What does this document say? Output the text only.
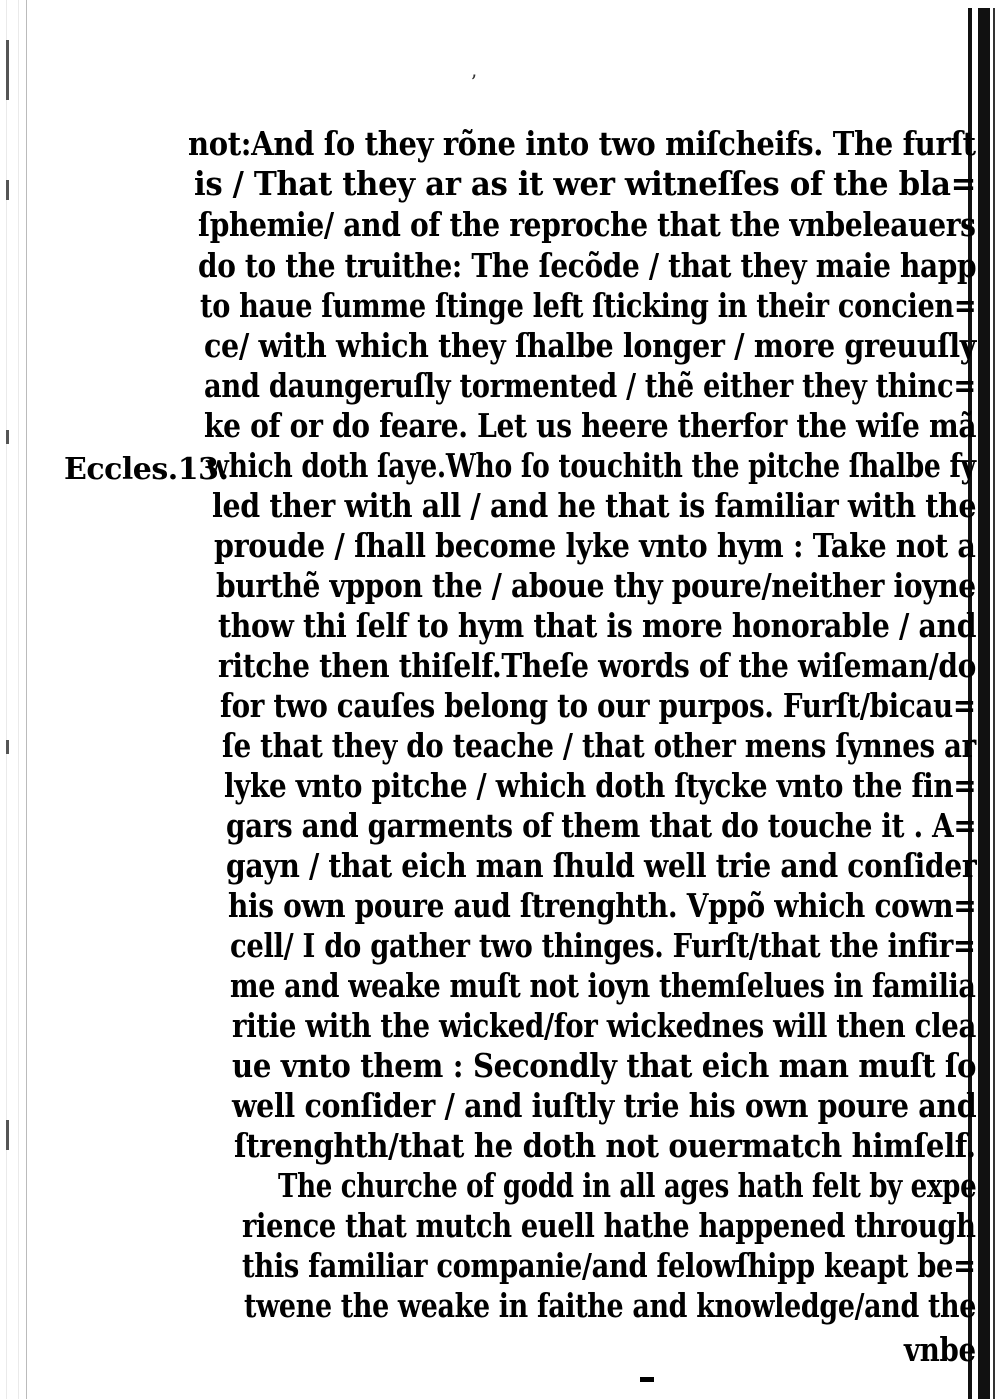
ʼ
Eccles.13.
not:And ſo they rõne into two miſcheifs. The furſt
is / That they ar as it wer witneſſes of the bla=
ſphemie/ and of the reproche that the vnbeleauers
do to the truithe: The ſecõde / that they maie happ
to haue ſumme ſtinge left ſticking in their concien=
ce/ with which they ſhalbe longer / more greuuſly
and daungeruſly tormented / thẽ either they thinc=
ke of or do feare. Let us heere therfor the wiſe mã
which doth ſaye.Who ſo touchith the pitche ſhalbe fy
led ther with all / and he that is familiar with the
proude / ſhall become lyke vnto hym : Take not a
burthẽ vppon the / aboue thy poure/neither ioyne
thow thi ſelf to hym that is more honorable / and
ritche then thiſelf.Theſe words of the wiſeman/do
for two cauſes belong to our purpos. Furſt/bicau=
ſe that they do teache / that other mens ſynnes ar
lyke vnto pitche / which doth ſtycke vnto the fin=
gars and garments of them that do touche it . A=
gayn / that eich man ſhuld well trie and conſider
his own poure aud ſtrenghth. Vppõ which cown=
cell/ I do gather two thinges. Furſt/that the infir=
me and weake muſt not ioyn themſelues in familia
ritie with the wicked/for wickednes will then clea
ue vnto them : Secondly that eich man muſt ſo
well conſider / and iuſtly trie his own poure and
ſtrenghth/that he doth not ouermatch himſelf.
The churche of godd in all ages hath felt by expe
rience that mutch euell hathe happened through
this familiar companie/and felowſhipp keapt be=
twene the weake in faithe and knowledge/and the
vnbe
